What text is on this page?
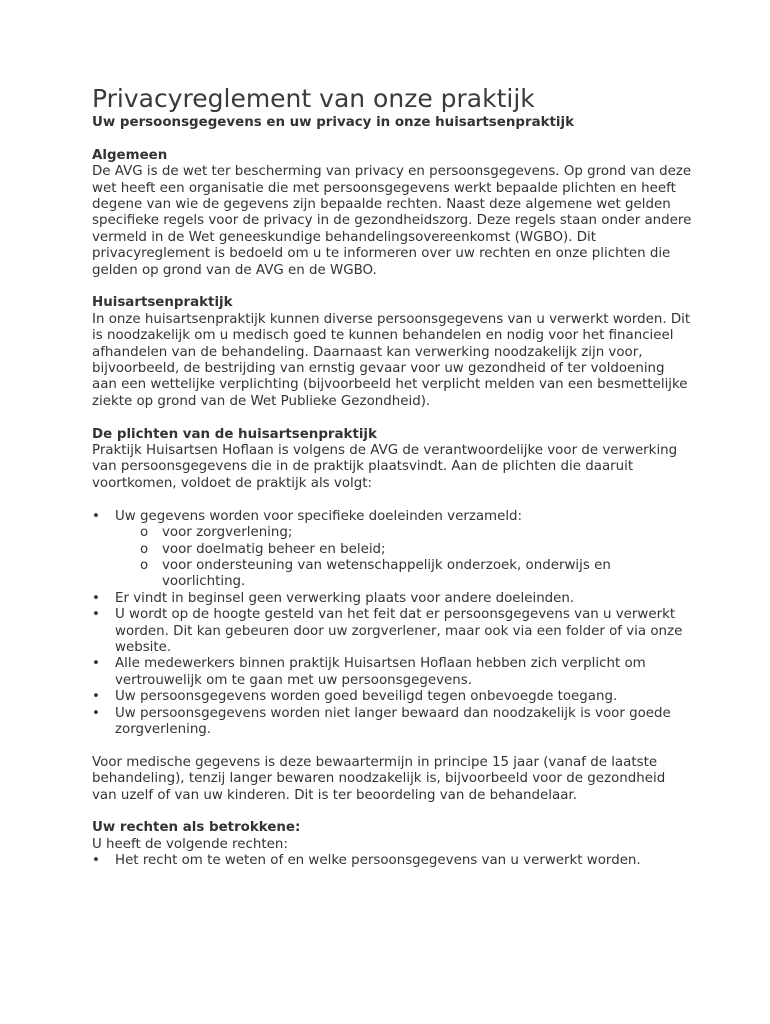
Privacyreglement van onze praktijk

Uw persoonsgegevens en uw privacy in onze huisartsenpraktijk

Algemeen

De AVG is de wet ter bescherming van privacy en persoonsgegevens. Op grond van deze wet heeft een organisatie die met persoonsgegevens werkt bepaalde plichten en heeft degene van wie de gegevens zijn bepaalde rechten. Naast deze algemene wet gelden specifieke regels voor de privacy in de gezondheidszorg. Deze regels staan onder andere vermeld in de Wet geneeskundige behandelingsovereenkomst (WGBO). Dit privacyreglement is bedoeld om u te informeren over uw rechten en onze plichten die gelden op grond van de AVG en de WGBO.

Huisartsenpraktijk

In onze huisartsenpraktijk kunnen diverse persoonsgegevens van u verwerkt worden. Dit is noodzakelijk om u medisch goed te kunnen behandelen en nodig voor het financieel afhandelen van de behandeling. Daarnaast kan verwerking noodzakelijk zijn voor, bijvoorbeeld, de bestrijding van ernstig gevaar voor uw gezondheid of ter voldoening aan een wettelijke verplichting (bijvoorbeeld het verplicht melden van een besmettelijke ziekte op grond van de Wet Publieke Gezondheid).

De plichten van de huisartsenpraktijk

Praktijk Huisartsen Hoflaan is volgens de AVG de verantwoordelijke voor de verwerking van persoonsgegevens die in de praktijk plaatsvindt. Aan de plichten die daaruit voortkomen, voldoet de praktijk als volgt:

•	Uw gegevens worden voor specifieke doeleinden verzameld:
o voor zorgverlening;
o voor doelmatig beheer en beleid;
o voor ondersteuning van wetenschappelijk onderzoek, onderwijs en voorlichting.
•	Er vindt in beginsel geen verwerking plaats voor andere doeleinden.
•	U wordt op de hoogte gesteld van het feit dat er persoonsgegevens van u verwerkt worden. Dit kan gebeuren door uw zorgverlener, maar ook via een folder of via onze website.
•	Alle medewerkers binnen praktijk Huisartsen Hoflaan hebben zich verplicht om vertrouwelijk om te gaan met uw persoonsgegevens.
•	Uw persoonsgegevens worden goed beveiligd tegen onbevoegde toegang.
•	Uw persoonsgegevens worden niet langer bewaard dan noodzakelijk is voor goede zorgverlening.

Voor medische gegevens is deze bewaartermijn in principe 15 jaar (vanaf de laatste behandeling), tenzij langer bewaren noodzakelijk is, bijvoorbeeld voor de gezondheid van uzelf of van uw kinderen. Dit is ter beoordeling van de behandelaar.

Uw rechten als betrokkene:

U heeft de volgende rechten:

•	Het recht om te weten of en welke persoonsgegevens van u verwerkt worden.
